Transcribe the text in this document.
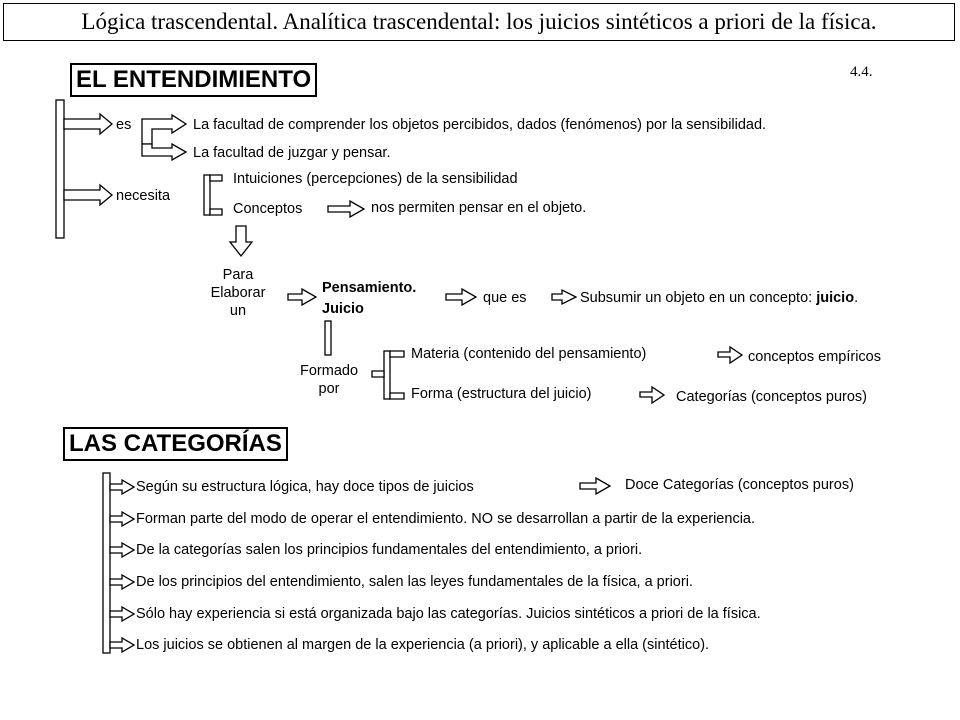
Lógica trascendental. Analítica trascendental: los juicios sintéticos a priori de la física.
4.4.
EL ENTENDIMIENTO
es	La facultad de comprender los objetos percibidos, dados (fenómenos) por la sensibilidad.
La facultad de juzgar y pensar.
necesita
Intuiciones (percepciones) de la sensibilidad
Conceptos	nos permiten pensar en el objeto.
Para
Elaborar
un
Pensamiento.
Juicio
que es	Subsumir un objeto en un concepto: juicio.
Formado
por
Materia (contenido del pensamiento)	conceptos empíricos
Forma (estructura del juicio)	Categorías (conceptos puros)
LAS CATEGORÍAS
Según su estructura lógica, hay doce tipos de juicios	Doce Categorías (conceptos puros)
Forman parte del modo de operar el entendimiento. NO se desarrollan a partir de la experiencia.
De la categorías salen los principios fundamentales del entendimiento, a priori.
De los principios del entendimiento, salen las leyes fundamentales de la física, a priori.
Sólo hay experiencia si está organizada bajo las categorías. Juicios sintéticos a priori de la física.
Los juicios se obtienen al margen de la experiencia (a priori), y aplicable a ella (sintético).
